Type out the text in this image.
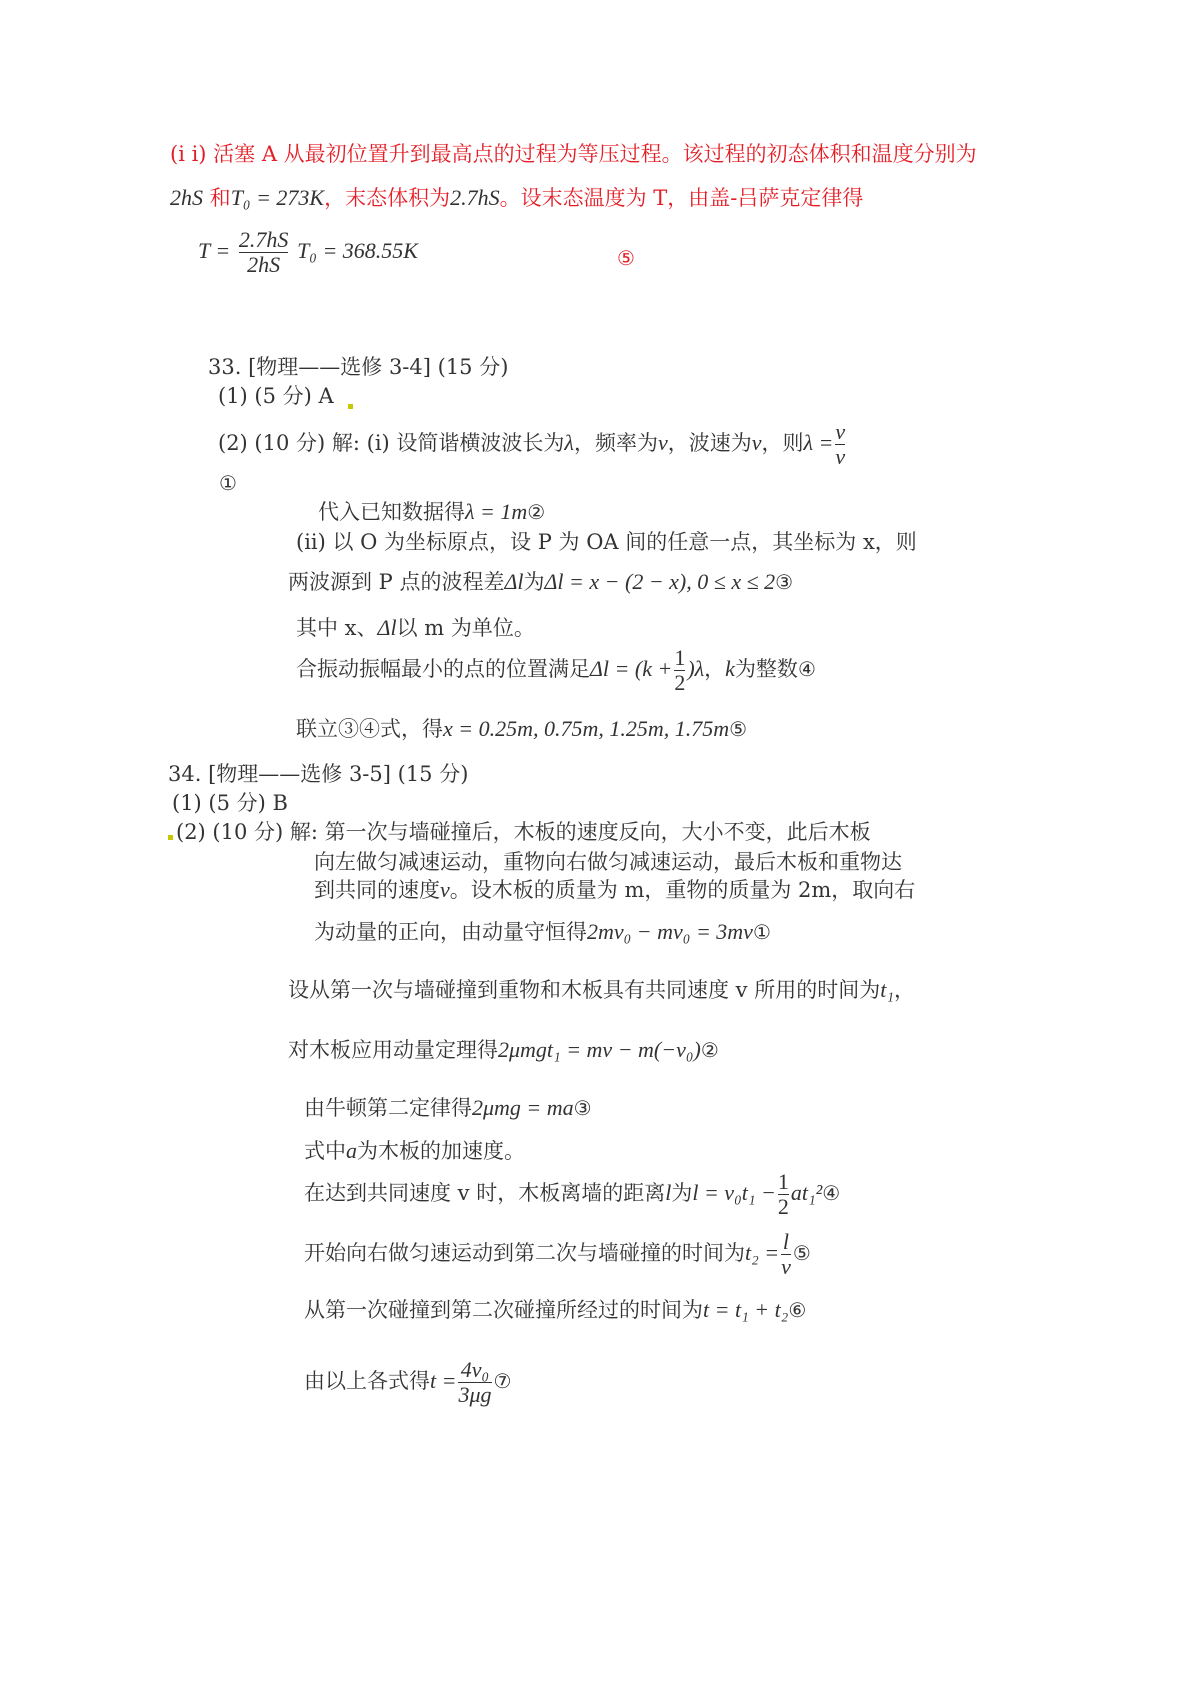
(i i) 活塞 A 从最初位置升到最高点的过程为等压过程。该过程的初态体积和温度分别为
2hS 和T₀ = 273K，末态体积为2.7hS。设末态温度为 T，由盖-吕萨克定律得
$T = \frac{2.7hS}{2hS} T_0 = 368.55K$	⑤
33. [物理——选修 3-4] (15 分)
(1) (5 分) A
(2) (10 分) 解: (i) 设简谐横波波长为λ，频率为ν，波速为v，则$\lambda = \frac{v}{\nu}$
①
代入已知数据得λ = 1m②
(ii) 以 O 为坐标原点，设 P 为 OA 间的任意一点，其坐标为 x，则
两波源到 P 点的波程差Δl为Δl = x − (2 − x), 0 ≤ x ≤ 2③
其中 x、Δl以 m 为单位。
合振动振幅最小的点的位置满足$\Delta l = (k + \frac{1}{2} )\lambda$，k为整数④
联立③④式，得x = 0.25m, 0.75m, 1.25m, 1.75m⑤
34. [物理——选修 3-5] (15 分)
(1) (5 分) B
(2) (10 分) 解: 第一次与墙碰撞后，木板的速度反向，大小不变，此后木板
向左做匀减速运动，重物向右做匀减速运动，最后木板和重物达
到共同的速度v。设木板的质量为 m，重物的质量为 2m，取向右
为动量的正向，由动量守恒得2mv₀ − mv₀ = 3mv①
设从第一次与墙碰撞到重物和木板具有共同速度 v 所用的时间为t₁，
对木板应用动量定理得2μmgt₁ = mv − m(−v₀)②
由牛顿第二定律得2μmg = ma③
式中a为木板的加速度。
在达到共同速度 v 时，木板离墙的距离l为$l = v_0t_1 - \frac{1}{2}$ at₁²④
开始向右做匀速运动到第二次与墙碰撞的时间为$t_2 = \frac{l}{v}$ ⑤
从第一次碰撞到第二次碰撞所经过的时间为t = t₁ + t₂⑥
由以上各式得$t = \frac{\text{4v₀}}{3\mu g}$ ⑦
